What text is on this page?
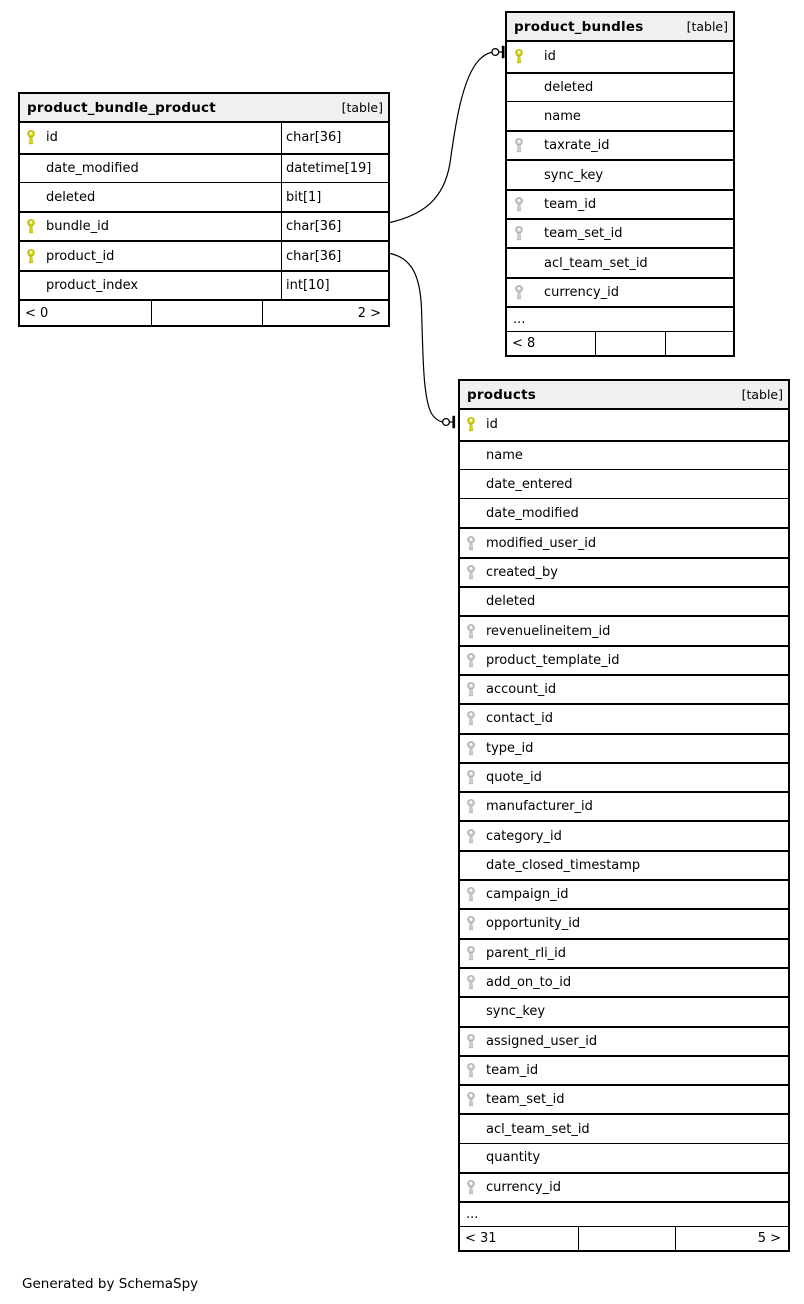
product_bundle_product	[table]
id	char[36]
date_modified	datetime[19]
deleted	bit[1]
bundle_id	char[36]
product_id	char[36]
product_index	int[10]
< 0	2 >
product_bundles	[table]
id
deleted
name
taxrate_id
sync_key
team_id
team_set_id
acl_team_set_id
currency_id
...
< 8
products	[table]
id
name
date_entered
date_modified
modified_user_id
created_by
deleted
revenuelineitem_id
product_template_id
account_id
contact_id
type_id
quote_id
manufacturer_id
category_id
date_closed_timestamp
campaign_id
opportunity_id
parent_rli_id
add_on_to_id
sync_key
assigned_user_id
team_id
team_set_id
acl_team_set_id
quantity
currency_id
...
< 31	5 >
Generated by SchemaSpy
